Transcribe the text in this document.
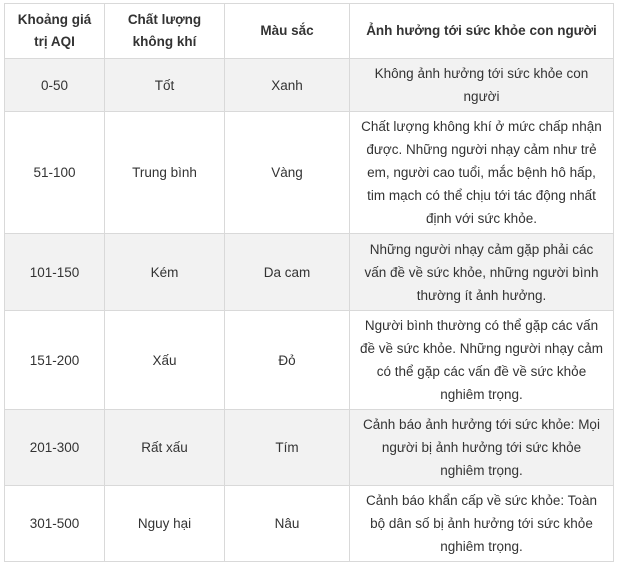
Khoảng giá trị AQI	Chất lượng không khí	Màu sắc	Ảnh hưởng tới sức khỏe con người
0-50	Tốt	Xanh	Không ảnh hưởng tới sức khỏe con người
51-100	Trung bình	Vàng	Chất lượng không khí ở mức chấp nhận được. Những người nhạy cảm như trẻ em, người cao tuổi, mắc bệnh hô hấp, tim mạch có thể chịu tới tác động nhất định với sức khỏe.
101-150	Kém	Da cam	Những người nhạy cảm gặp phải các vấn đề về sức khỏe, những người bình thường ít ảnh hưởng.
151-200	Xấu	Đỏ	Người bình thường có thể gặp các vấn đề về sức khỏe. Những người nhạy cảm có thể gặp các vấn đề về sức khỏe nghiêm trọng.
201-300	Rất xấu	Tím	Cảnh báo ảnh hưởng tới sức khỏe: Mọi người bị ảnh hưởng tới sức khỏe nghiêm trọng.
301-500	Nguy hại	Nâu	Cảnh báo khẩn cấp về sức khỏe: Toàn bộ dân số bị ảnh hưởng tới sức khỏe nghiêm trọng.
